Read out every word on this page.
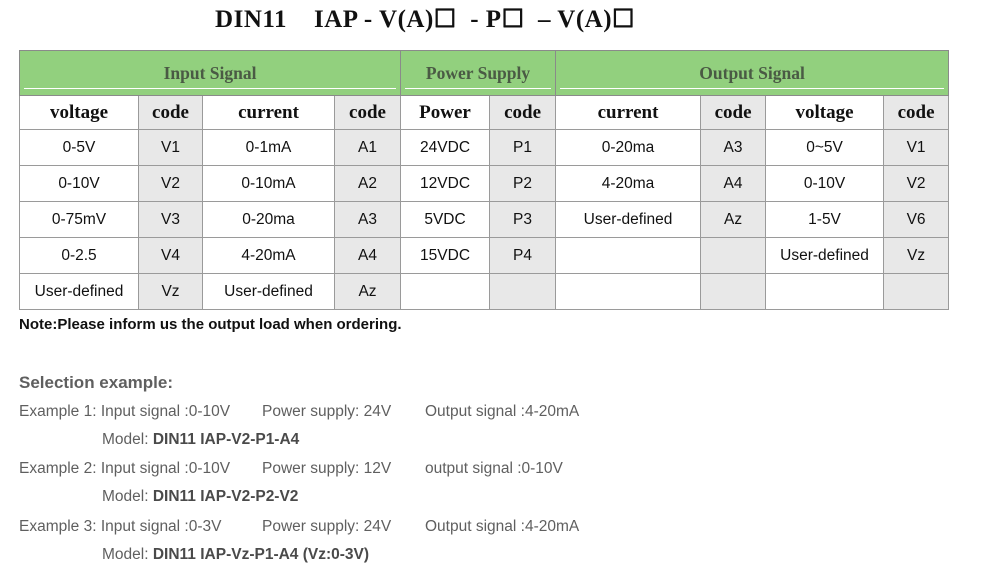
DIN11    IAP - V(A)☐  - P☐  – V(A)☐
Input Signal				Power Supply		Output Signal			

voltage	code	current	code	Power	code	current	code	voltage	code
0-5V	V1	0-1mA	A1	24VDC	P1	0-20ma	A3	0~5V	V1
0-10V	V2	0-10mA	A2	12VDC	P2	4-20ma	A4	0-10V	V2
0-75mV	V3	0-20ma	A3	5VDC	P3	User-defined	Az	1-5V	V6
0-2.5	V4	4-20mA	A4	15VDC	P4			User-defined	Vz
User-defined	Vz	User-defined	Az						
Note:Please inform us the output load when ordering.
Selection example:
Example 1: Input signal :0-10V Power supply: 24V Output signal :4-20mA
Model: DIN11 IAP-V2-P1-A4
Example 2: Input signal :0-10V Power supply: 12V output signal :0-10V
Model: DIN11 IAP-V2-P2-V2
Example 3: Input signal :0-3V	Power supply: 24V Output signal :4-20mA
Model: DIN11 IAP-Vz-P1-A4 (Vz:0-3V)
